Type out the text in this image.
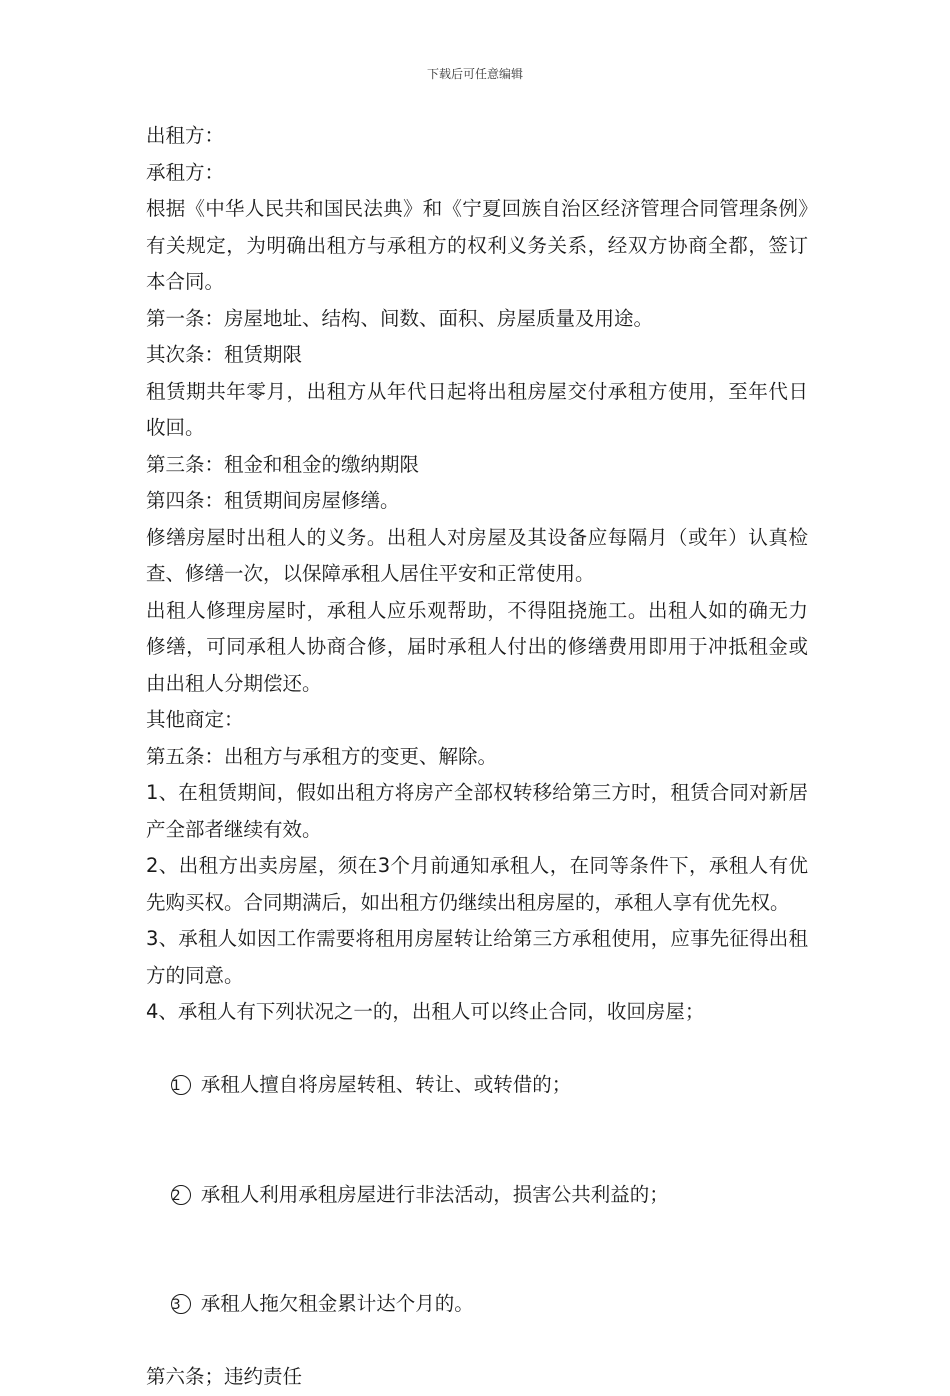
下载后可任意编辑
出租方：
承租方：
根据《中华人民共和国民法典》和《宁夏回族自治区经济管理合同管理条例》有关规定，为明确出租方与承租方的权利义务关系，经双方协商全都，签订本合同。
第一条：房屋地址、结构、间数、面积、房屋质量及用途。
其次条：租赁期限
租赁期共年零月，出租方从年代日起将出租房屋交付承租方使用，至年代日收回。
第三条：租金和租金的缴纳期限
第四条：租赁期间房屋修缮。
修缮房屋时出租人的义务。出租人对房屋及其设备应每隔月（或年）认真检查、修缮一次，以保障承租人居住平安和正常使用。
出租人修理房屋时，承租人应乐观帮助，不得阻挠施工。出租人如的确无力修缮，可同承租人协商合修，届时承租人付出的修缮费用即用于冲抵租金或由出租人分期偿还。
其他商定：
第五条：出租方与承租方的变更、解除。
1、在租赁期间，假如出租方将房产全部权转移给第三方时，租赁合同对新居产全部者继续有效。
2、出租方出卖房屋，须在3个月前通知承租人，在同等条件下，承租人有优先购买权。合同期满后，如出租方仍继续出租房屋的，承租人享有优先权。
3、承租人如因工作需要将租用房屋转让给第三方承租使用，应事先征得出租方的同意。
4、承租人有下列状况之一的，出租人可以终止合同，收回房屋；

1 承租人擅自将房屋转租、转让、或转借的；

2 承租人利用承租房屋进行非法活动，损害公共利益的；

3 承租人拖欠租金累计达个月的。

第六条；违约责任
